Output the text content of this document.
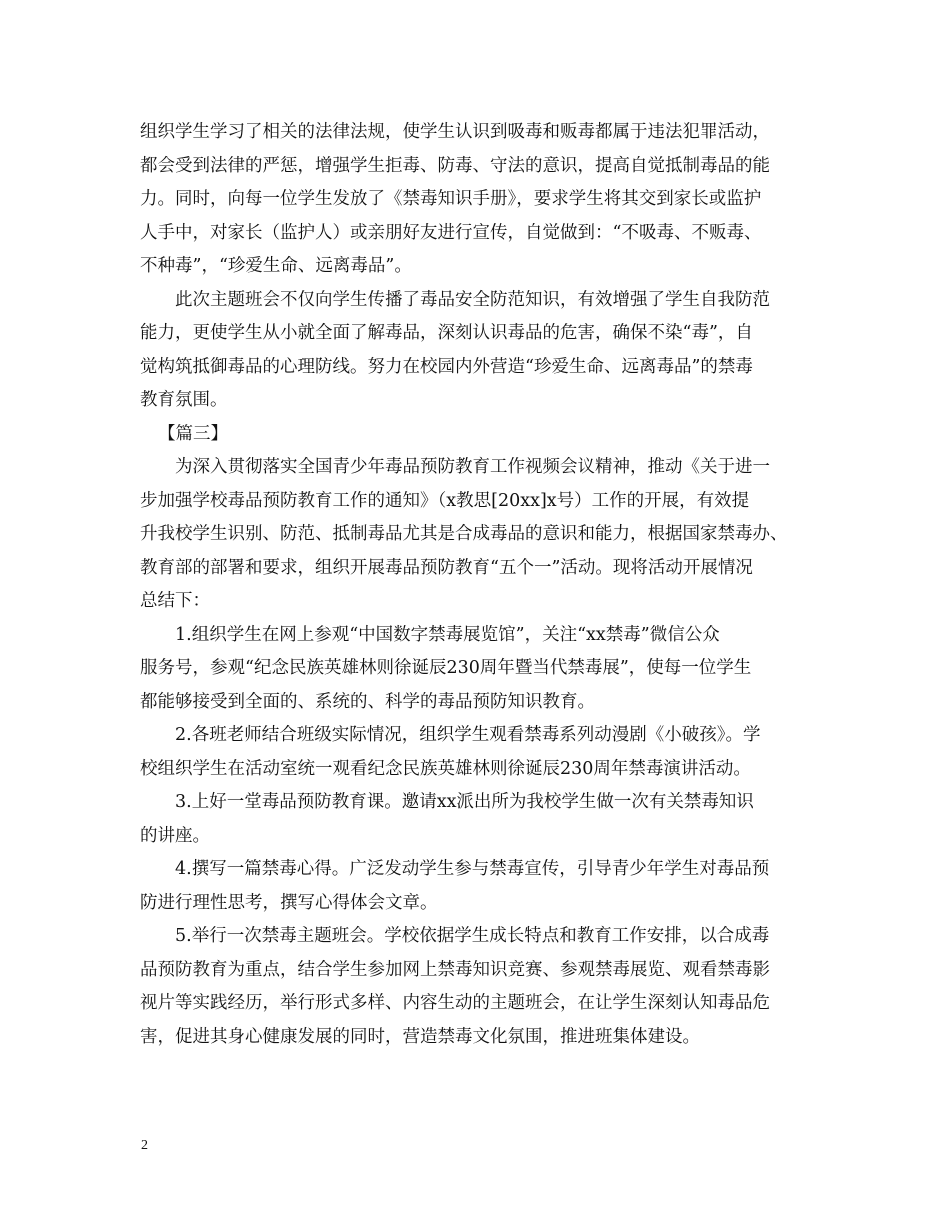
组织学生学习了相关的法律法规，使学生认识到吸毒和贩毒都属于违法犯罪活动，
都会受到法律的严惩，增强学生拒毒、防毒、守法的意识，提高自觉抵制毒品的能
力。同时，向每一位学生发放了《禁毒知识手册》，要求学生将其交到家长或监护
人手中，对家长（监护人）或亲朋好友进行宣传，自觉做到：“不吸毒、不贩毒、
不种毒”，“珍爱生命、远离毒品”。
此次主题班会不仅向学生传播了毒品安全防范知识，有效增强了学生自我防范
能力，更使学生从小就全面了解毒品，深刻认识毒品的危害，确保不染“毒”，自
觉构筑抵御毒品的心理防线。努力在校园内外营造“珍爱生命、远离毒品”的禁毒
教育氛围。
【篇三】
为深入贯彻落实全国青少年毒品预防教育工作视频会议精神，推动《关于进一
步加强学校毒品预防教育工作的通知》（x教思[20xx]x号）工作的开展，有效提
升我校学生识别、防范、抵制毒品尤其是合成毒品的意识和能力，根据国家禁毒办、
教育部的部署和要求，组织开展毒品预防教育“五个一”活动。现将活动开展情况
总结下：
1.组织学生在网上参观“中国数字禁毒展览馆”，关注“xx禁毒”微信公众
服务号，参观“纪念民族英雄林则徐诞辰230周年暨当代禁毒展”，使每一位学生
都能够接受到全面的、系统的、科学的毒品预防知识教育。
2.各班老师结合班级实际情况，组织学生观看禁毒系列动漫剧《小破孩》。学
校组织学生在活动室统一观看纪念民族英雄林则徐诞辰230周年禁毒演讲活动。
3.上好一堂毒品预防教育课。邀请xx派出所为我校学生做一次有关禁毒知识
的讲座。
4.撰写一篇禁毒心得。广泛发动学生参与禁毒宣传，引导青少年学生对毒品预
防进行理性思考，撰写心得体会文章。
5.举行一次禁毒主题班会。学校依据学生成长特点和教育工作安排，以合成毒
品预防教育为重点，结合学生参加网上禁毒知识竞赛、参观禁毒展览、观看禁毒影
视片等实践经历，举行形式多样、内容生动的主题班会，在让学生深刻认知毒品危
害，促进其身心健康发展的同时，营造禁毒文化氛围，推进班集体建设。
2
